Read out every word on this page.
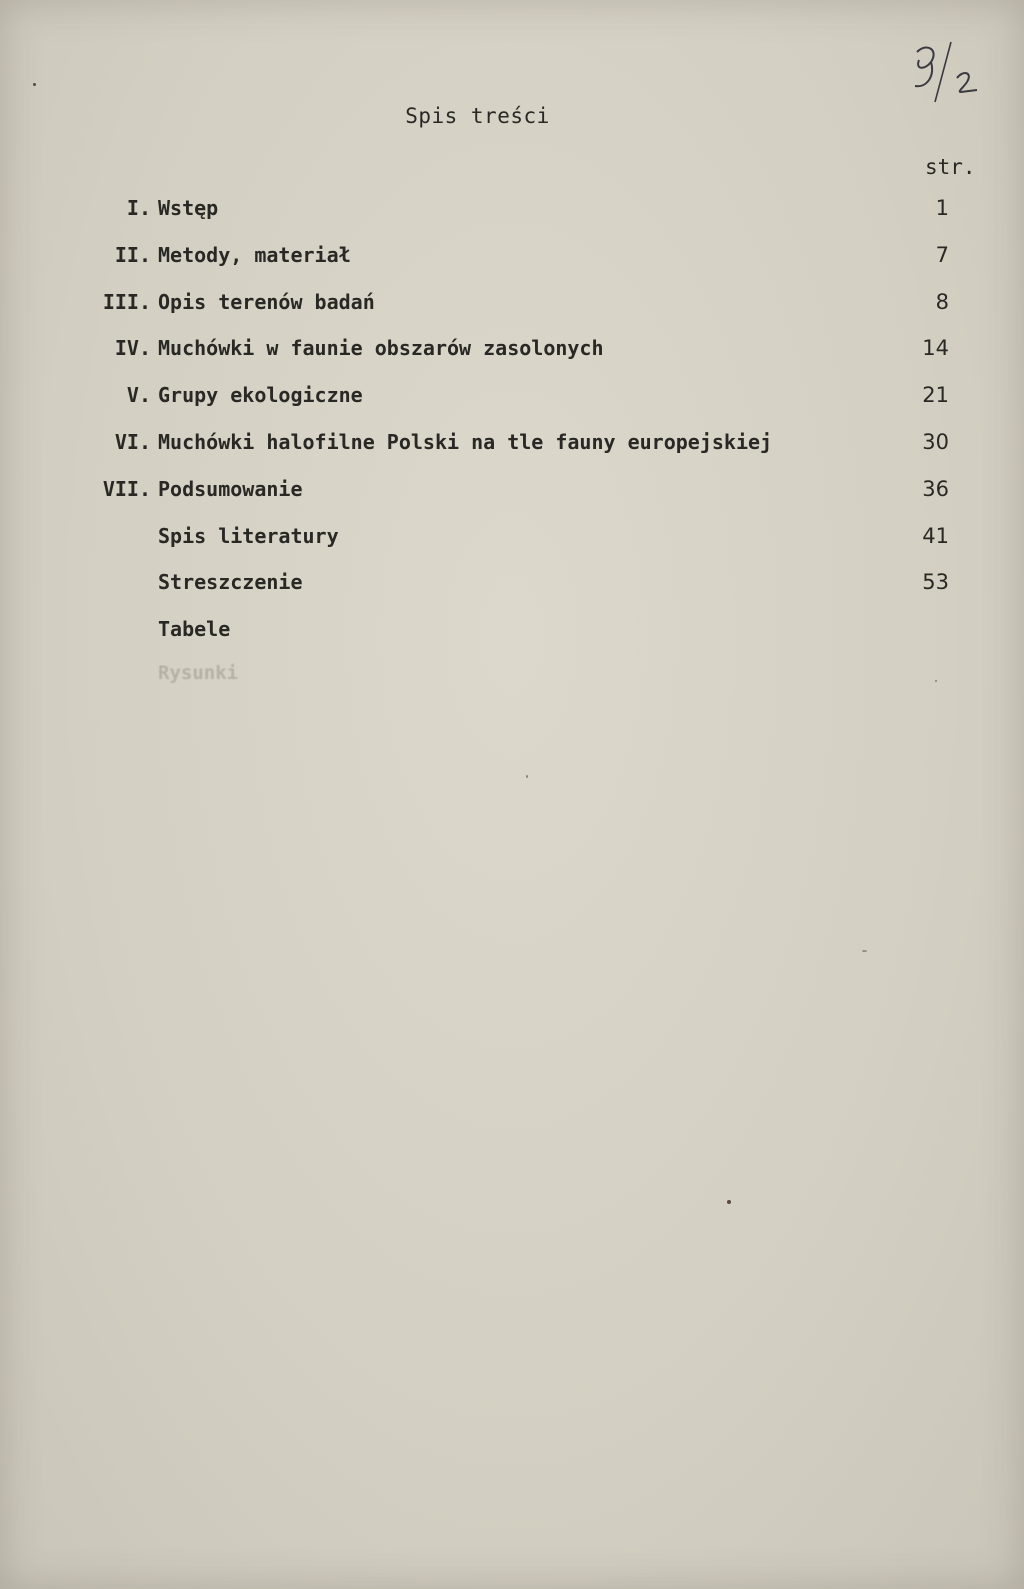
Spis treści
str.
I. Wstęp	1
II. Metody, materiał	7
III. Opis terenów badań	8
IV. Muchówki w faunie obszarów zasolonych	14
V. Grupy ekologiczne	21
VI. Muchówki halofilne Polski na tle fauny europejskiej	30
VII. Podsumowanie	36
Spis literatury	41
Streszczenie	53
Tabele
Rysunki
